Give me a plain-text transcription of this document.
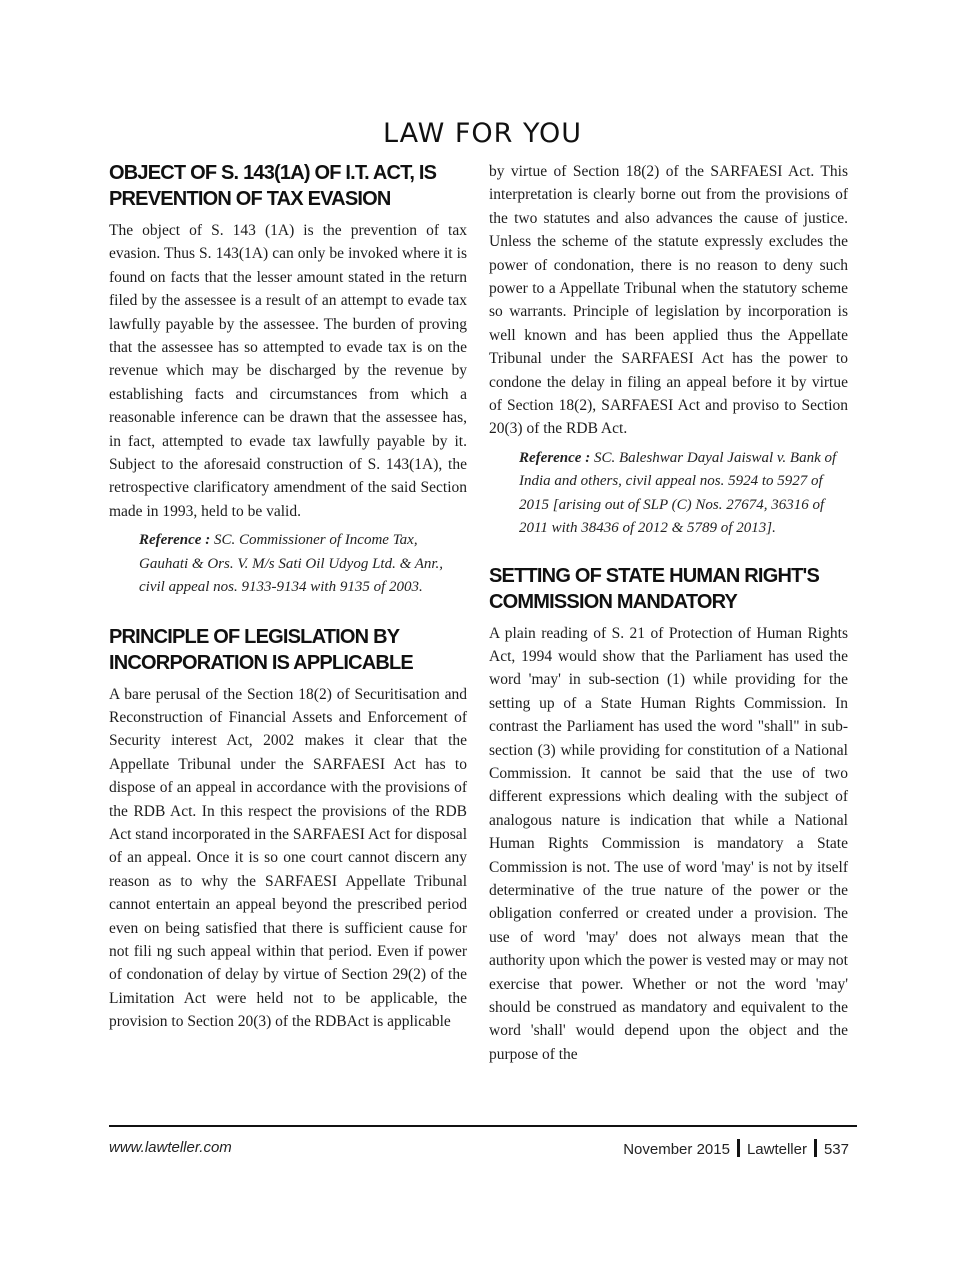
LAW FOR YOU
OBJECT OF S. 143(1A) OF I.T. ACT, IS PREVENTION OF TAX EVASION

The object of S. 143 (1A) is the prevention of tax evasion. Thus S. 143(1A) can only be invoked where it is found on facts that the lesser amount stated in the return filed by the assessee is a result of an attempt to evade tax lawfully payable by the assessee. The burden of proving that the assessee has so attempted to evade tax is on the revenue which may be discharged by the revenue by establishing facts and circumstances from which a reasonable inference can be drawn that the assessee has, in fact, attempted to evade tax lawfully payable by it. Subject to the aforesaid construction of S. 143(1A), the retrospective clarificatory amendment of the said Section made in 1993, held to be valid.

Reference : SC. Commissioner of Income Tax, Gauhati & Ors. V. M/s Sati Oil Udyog Ltd. & Anr., civil appeal nos. 9133-9134 with 9135 of 2003.

PRINCIPLE OF LEGISLATION BY INCORPORATION IS APPLICABLE

A bare perusal of the Section 18(2) of Securitisation and Reconstruction of Financial Assets and Enforcement of Security interest Act, 2002 makes it clear that the Appellate Tribunal under the SARFAESI Act has to dispose of an appeal in accordance with the provisions of the RDB Act. In this respect the provisions of the RDB Act stand incorporated in the SARFAESI Act for disposal of an appeal. Once it is so one court cannot discern any reason as to why the SARFAESI Appellate Tribunal cannot entertain an appeal beyond the prescribed period even on being satisfied that there is sufficient cause for not fili ng such appeal within that period. Even if power of condonation of delay by virtue of Section 29(2) of the Limitation Act were held not to be applicable, the provision to Section 20(3) of the RDBAct is applicable

by virtue of Section 18(2) of the SARFAESI Act. This interpretation is clearly borne out from the provisions of the two statutes and also advances the cause of justice. Unless the scheme of the statute expressly excludes the power of condonation, there is no reason to deny such power to a Appellate Tribunal when the statutory scheme so warrants. Principle of legislation by incorporation is well known and has been applied thus the Appellate Tribunal under the SARFAESI Act has the power to condone the delay in filing an appeal before it by virtue of Section 18(2), SARFAESI Act and proviso to Section 20(3) of the RDB Act.

Reference : SC. Baleshwar Dayal Jaiswal v. Bank of India and others, civil appeal nos. 5924 to 5927 of 2015 [arising out of SLP (C) Nos. 27674, 36316 of 2011 with 38436 of 2012 & 5789 of 2013].

SETTING OF STATE HUMAN RIGHT'S COMMISSION MANDATORY

A plain reading of S. 21 of Protection of Human Rights Act, 1994 would show that the Parliament has used the word 'may' in sub-section (1) while providing for the setting up of a State Human Rights Commission. In contrast the Parliament has used the word "shall" in sub-section (3) while providing for constitution of a National Commission. It cannot be said that the use of two different expressions which dealing with the subject of analogous nature is indication that while a National Human Rights Commission is mandatory a State Commission is not. The use of word 'may' is not by itself determinative of the true nature of the power or the obligation conferred or created under a provision. The use of word 'may' does not always mean that the authority upon which the power is vested may or may not exercise that power. Whether or not the word 'may' should be construed as mandatory and equivalent to the word 'shall' would depend upon the object and the purpose of the

www.lawteller.com	November 2015 Lawteller 537
